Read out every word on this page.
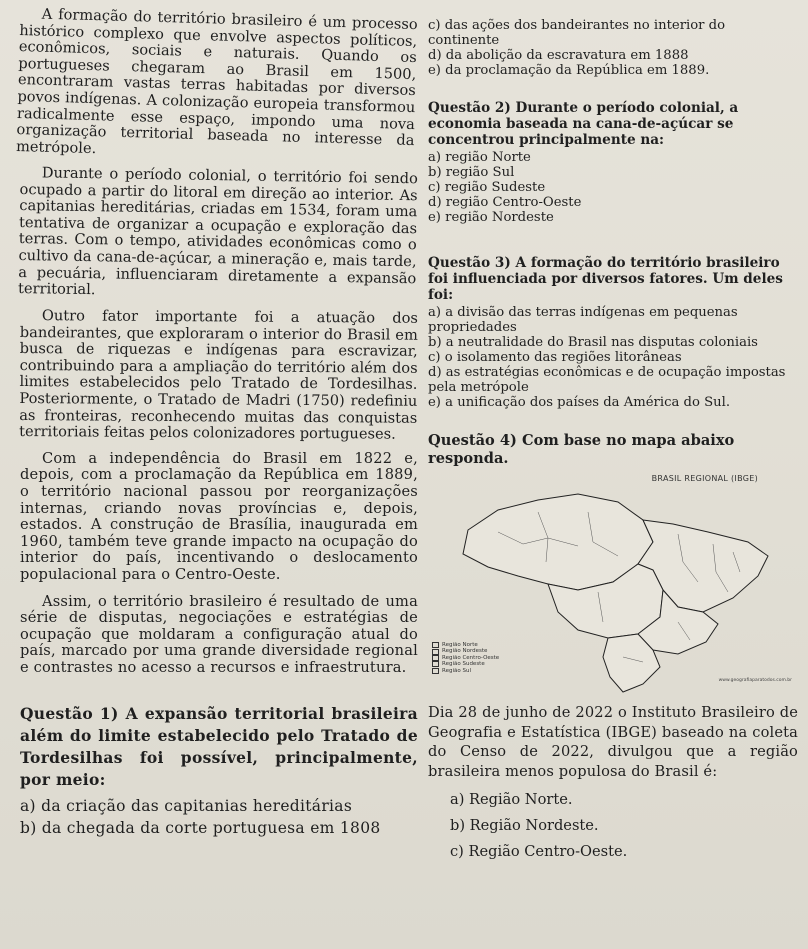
A formação do território brasileiro é um processo histórico complexo que envolve aspectos políticos, econômicos, sociais e naturais. Quando os portugueses chegaram ao Brasil em 1500, encontraram vastas terras habitadas por diversos povos indígenas. A colonização europeia transformou radicalmente esse espaço, impondo uma nova organização territorial baseada no interesse da metrópole.

Durante o período colonial, o território foi sendo ocupado a partir do litoral em direção ao interior. As capitanias hereditárias, criadas em 1534, foram uma tentativa de organizar a ocupação e exploração das terras. Com o tempo, atividades econômicas como o cultivo da cana-de-açúcar, a mineração e, mais tarde, a pecuária, influenciaram diretamente a expansão territorial.

Outro fator importante foi a atuação dos bandeirantes, que exploraram o interior do Brasil em busca de riquezas e indígenas para escravizar, contribuindo para a ampliação do território além dos limites estabelecidos pelo Tratado de Tordesilhas. Posteriormente, o Tratado de Madri (1750) redefiniu as fronteiras, reconhecendo muitas das conquistas territoriais feitas pelos colonizadores portugueses.

Com a independência do Brasil em 1822 e, depois, com a proclamação da República em 1889, o território nacional passou por reorganizações internas, criando novas províncias e, depois, estados. A construção de Brasília, inaugurada em 1960, também teve grande impacto na ocupação do interior do país, incentivando o deslocamento populacional para o Centro-Oeste.

Assim, o território brasileiro é resultado de uma série de disputas, negociações e estratégias de ocupação que moldaram a configuração atual do país, marcado por uma grande diversidade regional e contrastes no acesso a recursos e infraestrutura.

Questão 1) A expansão territorial brasileira além do limite estabelecido pelo Tratado de Tordesilhas foi possível, principalmente, por meio:

a) da criação das capitanias hereditárias

b) da chegada da corte portuguesa em 1808

c) das ações dos bandeirantes no interior do continente

d) da abolição da escravatura em 1888

e) da proclamação da República em 1889.

Questão 2) Durante o período colonial, a economia baseada na cana-de-açúcar se concentrou principalmente na:

a) região Norte

b) região Sul

c) região Sudeste

d) região Centro-Oeste

e) região Nordeste

Questão 3) A formação do território brasileiro foi influenciada por diversos fatores. Um deles foi:

a) a divisão das terras indígenas em pequenas propriedades

b) a neutralidade do Brasil nas disputas coloniais

c) o isolamento das regiões litorâneas

d) as estratégias econômicas e de ocupação impostas pela metrópole

e) a unificação dos países da América do Sul.

Questão 4) Com base no mapa abaixo responda.

BRASIL REGIONAL (IBGE)
Região Norte
Região Nordeste
Região Centro-Oeste
Região Sudeste
Região Sul
www.geografiaparatodos.com.br

Dia 28 de junho de 2022 o Instituto Brasileiro de Geografia e Estatística (IBGE) baseado na coleta do Censo de 2022, divulgou que a região brasileira menos populosa do Brasil é:

a) Região Norte.

b) Região Nordeste.

c) Região Centro-Oeste.
